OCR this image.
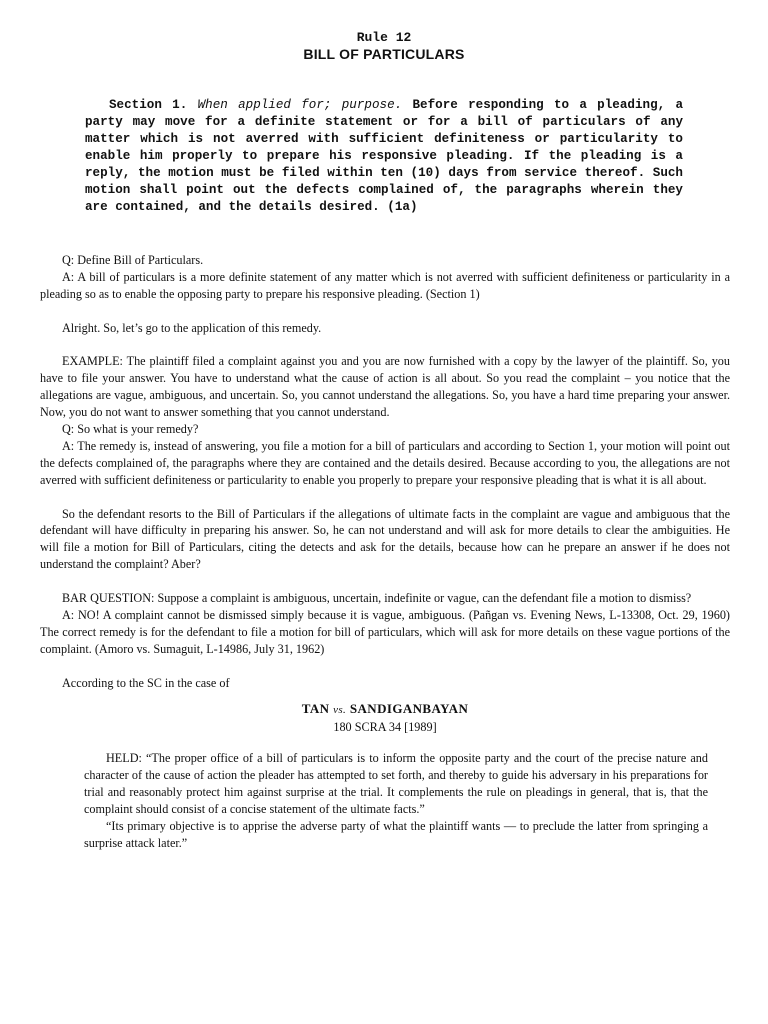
Rule 12
BILL OF PARTICULARS
Section 1. When applied for; purpose. Before responding to a pleading, a party may move for a definite statement or for a bill of particulars of any matter which is not averred with sufficient definiteness or particularity to enable him properly to prepare his responsive pleading. If the pleading is a reply, the motion must be filed within ten (10) days from service thereof. Such motion shall point out the defects complained of, the paragraphs wherein they are contained, and the details desired. (1a)

Q: Define Bill of Particulars.

A: A bill of particulars is a more definite statement of any matter which is not averred with sufficient definiteness or particularity in a pleading so as to enable the opposing party to prepare his responsive pleading. (Section 1)

Alright. So, let’s go to the application of this remedy.

EXAMPLE: The plaintiff filed a complaint against you and you are now furnished with a copy by the lawyer of the plaintiff. So, you have to file your answer. You have to understand what the cause of action is all about. So you read the complaint – you notice that the allegations are vague, ambiguous, and uncertain. So, you cannot understand the allegations. So, you have a hard time preparing your answer. Now, you do not want to answer something that you cannot understand.

Q: So what is your remedy?

A: The remedy is, instead of answering, you file a motion for a bill of particulars and according to Section 1, your motion will point out the defects complained of, the paragraphs where they are contained and the details desired. Because according to you, the allegations are not averred with sufficient definiteness or particularity to enable you properly to prepare your responsive pleading that is what it is all about.

So the defendant resorts to the Bill of Particulars if the allegations of ultimate facts in the complaint are vague and ambiguous that the defendant will have difficulty in preparing his answer. So, he can not understand and will ask for more details to clear the ambiguities. He will file a motion for Bill of Particulars, citing the detects and ask for the details, because how can he prepare an answer if he does not understand the complaint? Aber?

BAR QUESTION: Suppose a complaint is ambiguous, uncertain, indefinite or vague, can the defendant file a motion to dismiss?

A: NO! A complaint cannot be dismissed simply because it is vague, ambiguous. (Pañgan vs. Evening News, L-13308, Oct. 29, 1960) The correct remedy is for the defendant to file a motion for bill of particulars, which will ask for more details on these vague portions of the complaint. (Amoro vs. Sumaguit, L-14986, July 31, 1962)

According to the SC in the case of

TAN vs. SANDIGANBAYAN
180 SCRA 34 [1989]

HELD: “The proper office of a bill of particulars is to inform the opposite party and the court of the precise nature and character of the cause of action the pleader has attempted to set forth, and thereby to guide his adversary in his preparations for trial and reasonably protect him against surprise at the trial. It complements the rule on pleadings in general, that is, that the complaint should consist of a concise statement of the ultimate facts.”

“Its primary objective is to apprise the adverse party of what the plaintiff wants — to preclude the latter from springing a surprise attack later.”
